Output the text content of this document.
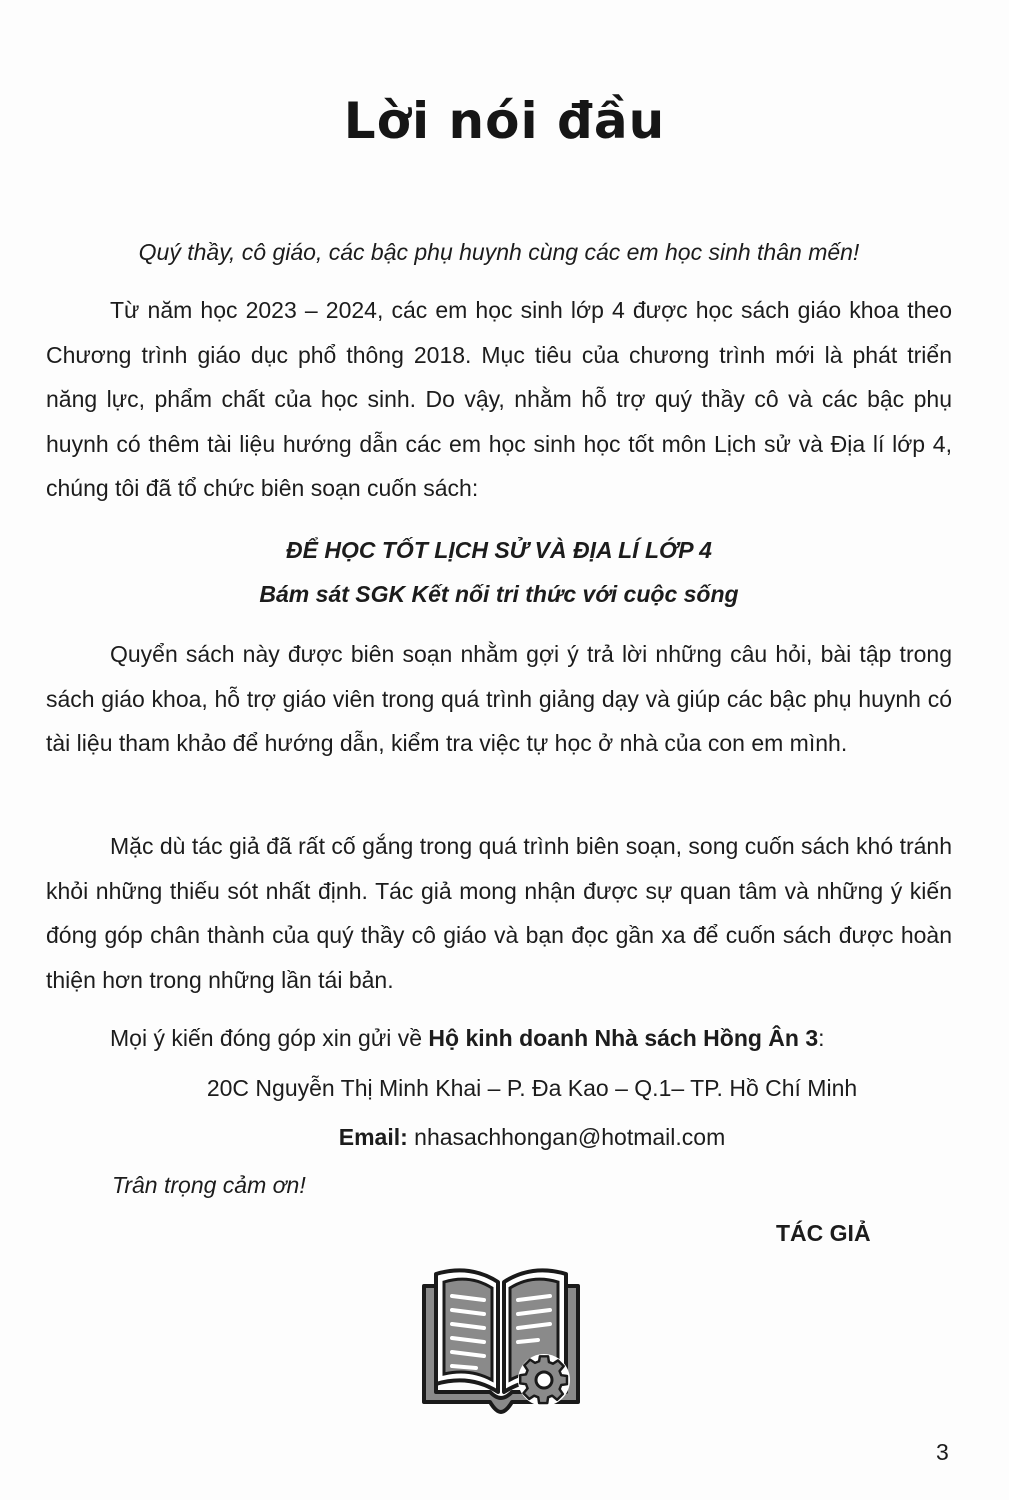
Lời nói đầu
Quý thầy, cô giáo, các bậc phụ huynh cùng các em học sinh thân mến!
Từ năm học 2023 – 2024, các em học sinh lớp 4 được học sách giáo khoa theo Chương trình giáo dục phổ thông 2018. Mục tiêu của chương trình mới là phát triển năng lực, phẩm chất của học sinh. Do vậy, nhằm hỗ trợ quý thầy cô và các bậc phụ huynh có thêm tài liệu hướng dẫn các em học sinh học tốt môn Lịch sử và Địa lí lớp 4, chúng tôi đã tổ chức biên soạn cuốn sách:
ĐỂ HỌC TỐT LỊCH SỬ VÀ ĐỊA LÍ LỚP 4
Bám sát SGK Kết nối tri thức với cuộc sống
Quyển sách này được biên soạn nhằm gợi ý trả lời những câu hỏi, bài tập trong sách giáo khoa, hỗ trợ giáo viên trong quá trình giảng dạy và giúp các bậc phụ huynh có tài liệu tham khảo để hướng dẫn, kiểm tra việc tự học ở nhà của con em mình.
Mặc dù tác giả đã rất cố gắng trong quá trình biên soạn, song cuốn sách khó tránh khỏi những thiếu sót nhất định. Tác giả mong nhận được sự quan tâm và những ý kiến đóng góp chân thành của quý thầy cô giáo và bạn đọc gần xa để cuốn sách được hoàn thiện hơn trong những lần tái bản.
Mọi ý kiến đóng góp xin gửi về Hộ kinh doanh Nhà sách Hồng Ân 3:
20C Nguyễn Thị Minh Khai – P. Đa Kao – Q.1– TP. Hồ Chí Minh
Email: nhasachhongan@hotmail.com
Trân trọng cảm ơn!
TÁC GIẢ
3
